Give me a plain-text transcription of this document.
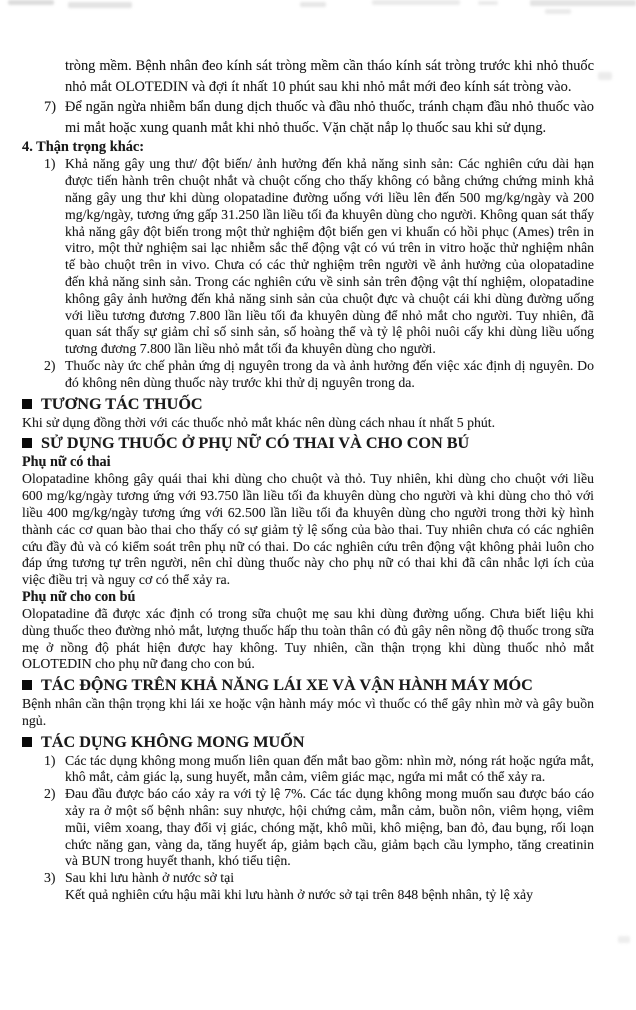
tròng mềm. Bệnh nhân đeo kính sát tròng mềm cần tháo kính sát tròng trước khi nhỏ thuốc nhỏ mắt OLOTEDIN và đợi ít nhất 10 phút sau khi nhỏ mắt mới đeo kính sát tròng vào.
7) Để ngăn ngừa nhiễm bẩn dung dịch thuốc và đầu nhỏ thuốc, tránh chạm đầu nhỏ thuốc vào mi mắt hoặc xung quanh mắt khi nhỏ thuốc. Vặn chặt nắp lọ thuốc sau khi sử dụng.
4. Thận trọng khác:
1) Khả năng gây ung thư/ đột biến/ ảnh hưởng đến khả năng sinh sản: Các nghiên cứu dài hạn được tiến hành trên chuột nhắt và chuột cống cho thấy không có bằng chứng chứng minh khả năng gây ung thư khi dùng olopatadine đường uống với liều lên đến 500 mg/kg/ngày và 200 mg/kg/ngày, tương ứng gấp 31.250 lần liều tối đa khuyên dùng cho người. Không quan sát thấy khả năng gây đột biến trong một thử nghiệm đột biến gen vi khuẩn có hồi phục (Ames) trên in vitro, một thử nghiệm sai lạc nhiễm sắc thể động vật có vú trên in vitro hoặc thử nghiệm nhân tế bào chuột trên in vivo. Chưa có các thử nghiệm trên người về ảnh hưởng của olopatadine đến khả năng sinh sản. Trong các nghiên cứu về sinh sản trên động vật thí nghiệm, olopatadine không gây ảnh hưởng đến khả năng sinh sản của chuột đực và chuột cái khi dùng đường uống với liều tương đương 7.800 lần liều tối đa khuyên dùng để nhỏ mắt cho người. Tuy nhiên, đã quan sát thấy sự giảm chỉ số sinh sản, số hoàng thể và tỷ lệ phôi nuôi cấy khi dùng liều uống tương đương 7.800 lần liều nhỏ mắt tối đa khuyên dùng cho người.
2) Thuốc này ức chế phản ứng dị nguyên trong da và ảnh hưởng đến việc xác định dị nguyên. Do đó không nên dùng thuốc này trước khi thử dị nguyên trong da.
TƯƠNG TÁC THUỐC
Khi sử dụng đồng thời với các thuốc nhỏ mắt khác nên dùng cách nhau ít nhất 5 phút.
SỬ DỤNG THUỐC Ở PHỤ NỮ CÓ THAI VÀ CHO CON BÚ
Phụ nữ có thai
Olopatadine không gây quái thai khi dùng cho chuột và thỏ. Tuy nhiên, khi dùng cho chuột với liều 600 mg/kg/ngày tương ứng với 93.750 lần liều tối đa khuyên dùng cho người và khi dùng cho thỏ với liều 400 mg/kg/ngày tương ứng với 62.500 lần liều tối đa khuyên dùng cho người trong thời kỳ hình thành các cơ quan bào thai cho thấy có sự giảm tỷ lệ sống của bào thai. Tuy nhiên chưa có các nghiên cứu đầy đủ và có kiểm soát trên phụ nữ có thai. Do các nghiên cứu trên động vật không phải luôn cho đáp ứng tương tự trên người, nên chỉ dùng thuốc này cho phụ nữ có thai khi đã cân nhắc lợi ích của việc điều trị và nguy cơ có thể xảy ra.
Phụ nữ cho con bú
Olopatadine đã được xác định có trong sữa chuột mẹ sau khi dùng đường uống. Chưa biết liệu khi dùng thuốc theo đường nhỏ mắt, lượng thuốc hấp thu toàn thân có đủ gây nên nồng độ thuốc trong sữa mẹ ở nồng độ phát hiện được hay không. Tuy nhiên, cần thận trọng khi dùng thuốc nhỏ mắt OLOTEDIN cho phụ nữ đang cho con bú.
TÁC ĐỘNG TRÊN KHẢ NĂNG LÁI XE VÀ VẬN HÀNH MÁY MÓC
Bệnh nhân cần thận trọng khi lái xe hoặc vận hành máy móc vì thuốc có thể gây nhìn mờ và gây buồn ngủ.
TÁC DỤNG KHÔNG MONG MUỐN
1) Các tác dụng không mong muốn liên quan đến mắt bao gồm: nhìn mờ, nóng rát hoặc ngứa mắt, khô mắt, cảm giác lạ, sung huyết, mẫn cảm, viêm giác mạc, ngứa mi mắt có thể xảy ra.
2) Đau đầu được báo cáo xảy ra với tỷ lệ 7%. Các tác dụng không mong muốn sau được báo cáo xảy ra ở một số bệnh nhân: suy nhược, hội chứng cảm, mẫn cảm, buồn nôn, viêm họng, viêm mũi, viêm xoang, thay đổi vị giác, chóng mặt, khô mũi, khô miệng, ban đỏ, đau bụng, rối loạn chức năng gan, vàng da, tăng huyết áp, giảm bạch cầu, giảm bạch cầu lympho, tăng creatinin và BUN trong huyết thanh, khó tiểu tiện.
3) Sau khi lưu hành ở nước sở tại
Kết quả nghiên cứu hậu mãi khi lưu hành ở nước sở tại trên 848 bệnh nhân, tỷ lệ xảy
